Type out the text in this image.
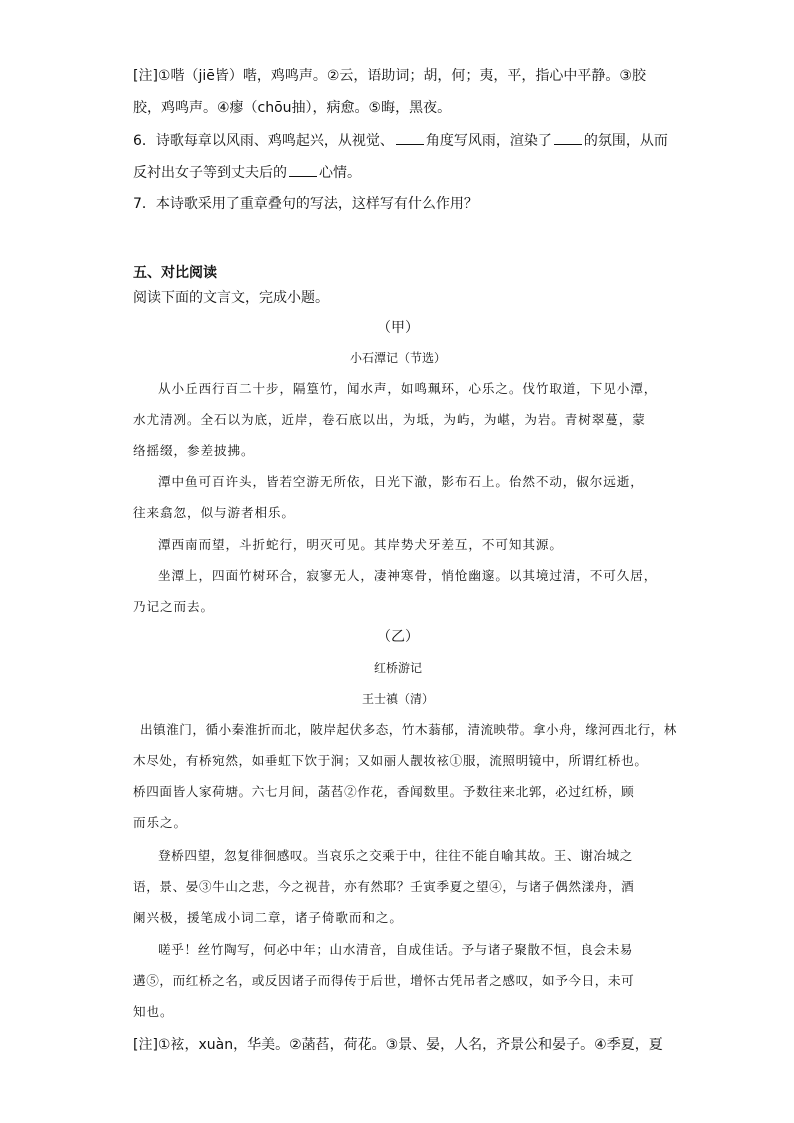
[注]①喈（jiē皆）喈，鸡鸣声。②云，语助词；胡，何；夷，平，指心中平静。③胶
胶，鸡鸣声。④瘳（chōu抽），病愈。⑤晦，黑夜。
6．诗歌每章以风雨、鸡鸣起兴，从视觉、 角度写风雨，渲染了 的氛围，从而
反衬出女子等到丈夫后的 心情。
7．本诗歌采用了重章叠句的写法，这样写有什么作用？
五、对比阅读
阅读下面的文言文，完成小题。
（甲）
小石潭记（节选）
从小丘西行百二十步，隔篁竹，闻水声，如鸣珮环，心乐之。伐竹取道，下见小潭，
水尤清冽。全石以为底，近岸，卷石底以出，为坻，为屿，为嵁，为岩。青树翠蔓，蒙
络摇缀，参差披拂。
潭中鱼可百许头，皆若空游无所依，日光下澈，影布石上。佁然不动，俶尔远逝，
往来翕忽，似与游者相乐。
潭西南而望，斗折蛇行，明灭可见。其岸势犬牙差互，不可知其源。
坐潭上，四面竹树环合，寂寥无人，凄神寒骨，悄怆幽邃。以其境过清，不可久居，
乃记之而去。
（乙）
红桥游记
王士禛（清）
出镇淮门，循小秦淮折而北，陂岸起伏多态，竹木蓊郁，清流映带。拿小舟，缘河西北行，林
木尽处，有桥宛然，如垂虹下饮于涧；又如丽人靓妆袨①服，流照明镜中，所谓红桥也。
桥四面皆人家荷塘。六七月间，菡萏②作花，香闻数里。予数往来北郭，必过红桥，顾
而乐之。
登桥四望，忽复徘徊感叹。当哀乐之交乘于中，往往不能自喻其故。王、谢冶城之
语，景、晏③牛山之悲，今之视昔，亦有然耶？壬寅季夏之望④，与诸子偶然漾舟，酒
阑兴极，援笔成小词二章，诸子倚歌而和之。
嗟乎！丝竹陶写，何必中年；山水清音，自成佳话。予与诸子聚散不恒，良会未易
遘⑤，而红桥之名，或反因诸子而得传于后世，增怀古凭吊者之感叹，如予今日，未可
知也。
[注]①袨，xuàn，华美。②菡萏，荷花。③景、晏，人名，齐景公和晏子。④季夏，夏
